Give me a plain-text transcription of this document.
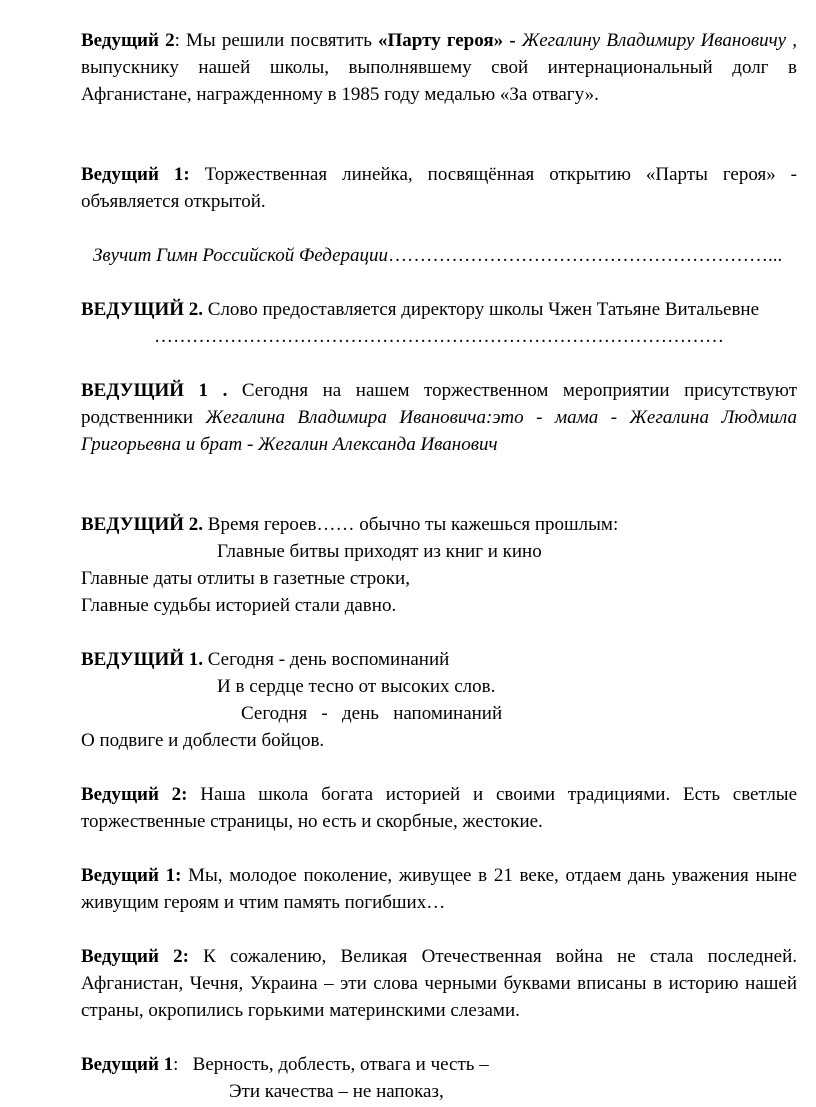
Ведущий 2: Мы решили посвятить «Парту героя» - Жегалину Владимиру Ивановичу , выпускнику нашей школы, выполнявшему свой интернациональный долг в Афганистане, награжденному в 1985 году медалью «За отвагу».

Ведущий 1: Торжественная линейка, посвящённая открытию «Парты героя» - объявляется открытой.

Звучит Гимн Российской Федерации……………………………………………………...

ВЕДУЩИЙ 2. Слово предоставляется директору школы Чжен Татьяне Витальевне

………………………………………………………………………………

ВЕДУЩИЙ 1 . Сегодня на нашем торжественном мероприятии присутствуют родственники Жегалина Владимира Ивановича:это - мама - Жегалина Людмила Григорьевна и брат - Жегалин Александа Иванович

ВЕДУЩИЙ 2. Время героев…… обычно ты кажешься прошлым:

Главные битвы приходят из книг и кино

Главные даты отлиты в газетные строки,

Главные судьбы историей стали давно.

ВЕДУЩИЙ 1. Сегодня - день воспоминаний

И в сердце тесно от высоких слов.

Сегодня   -   день   напоминаний

О подвиге и доблести бойцов.

Ведущий 2: Наша школа богата историей и своими традициями. Есть светлые торжественные страницы, но есть и скорбные, жестокие.

Ведущий 1: Мы, молодое поколение, живущее в 21 веке, отдаем дань уважения ныне живущим героям и чтим память погибших…

Ведущий 2: К сожалению, Великая Отечественная война не стала последней. Афганистан, Чечня, Украина – эти слова черными буквами вписаны в историю нашей страны, окропились горькими материнскими слезами.

Ведущий 1:   Верность, доблесть, отвага и честь –

Эти качества – не напоказ,
